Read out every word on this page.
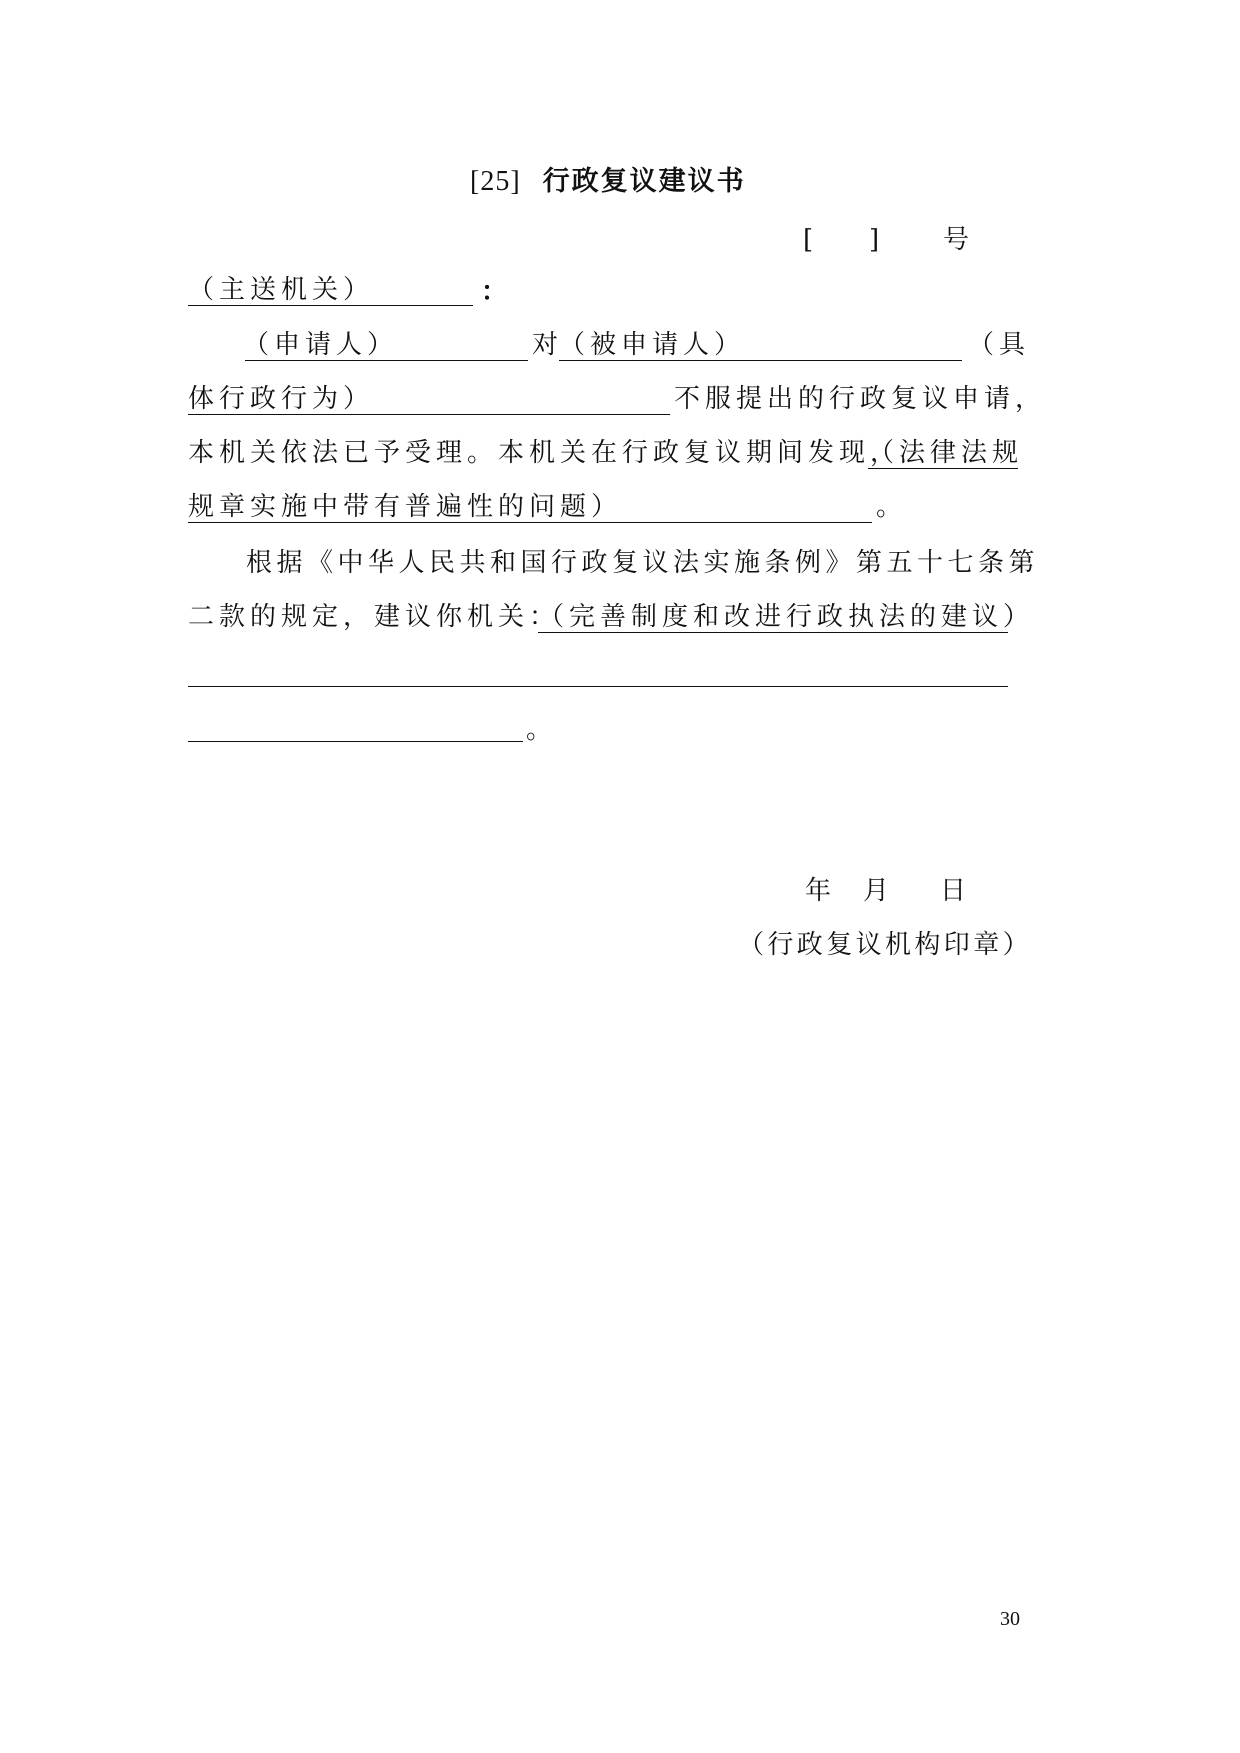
[25] 行政复议建议书
[ ] 号
（主送机关）	：
（申请人）	对
（被申请人）	（具
体行政行为）	不服提出的行政复议申请，
本机关依法已予受理。本机关在行政复议期间发现，
（法律法规
规章实施中带有普遍性的问题）	。
根据《中华人民共和国行政复议法实施条例》第五十七条第
二款的规定，建议你机关：
（完善制度和改进行政执法的建议）
。
年 月 日
（行政复议机构印章）
30
